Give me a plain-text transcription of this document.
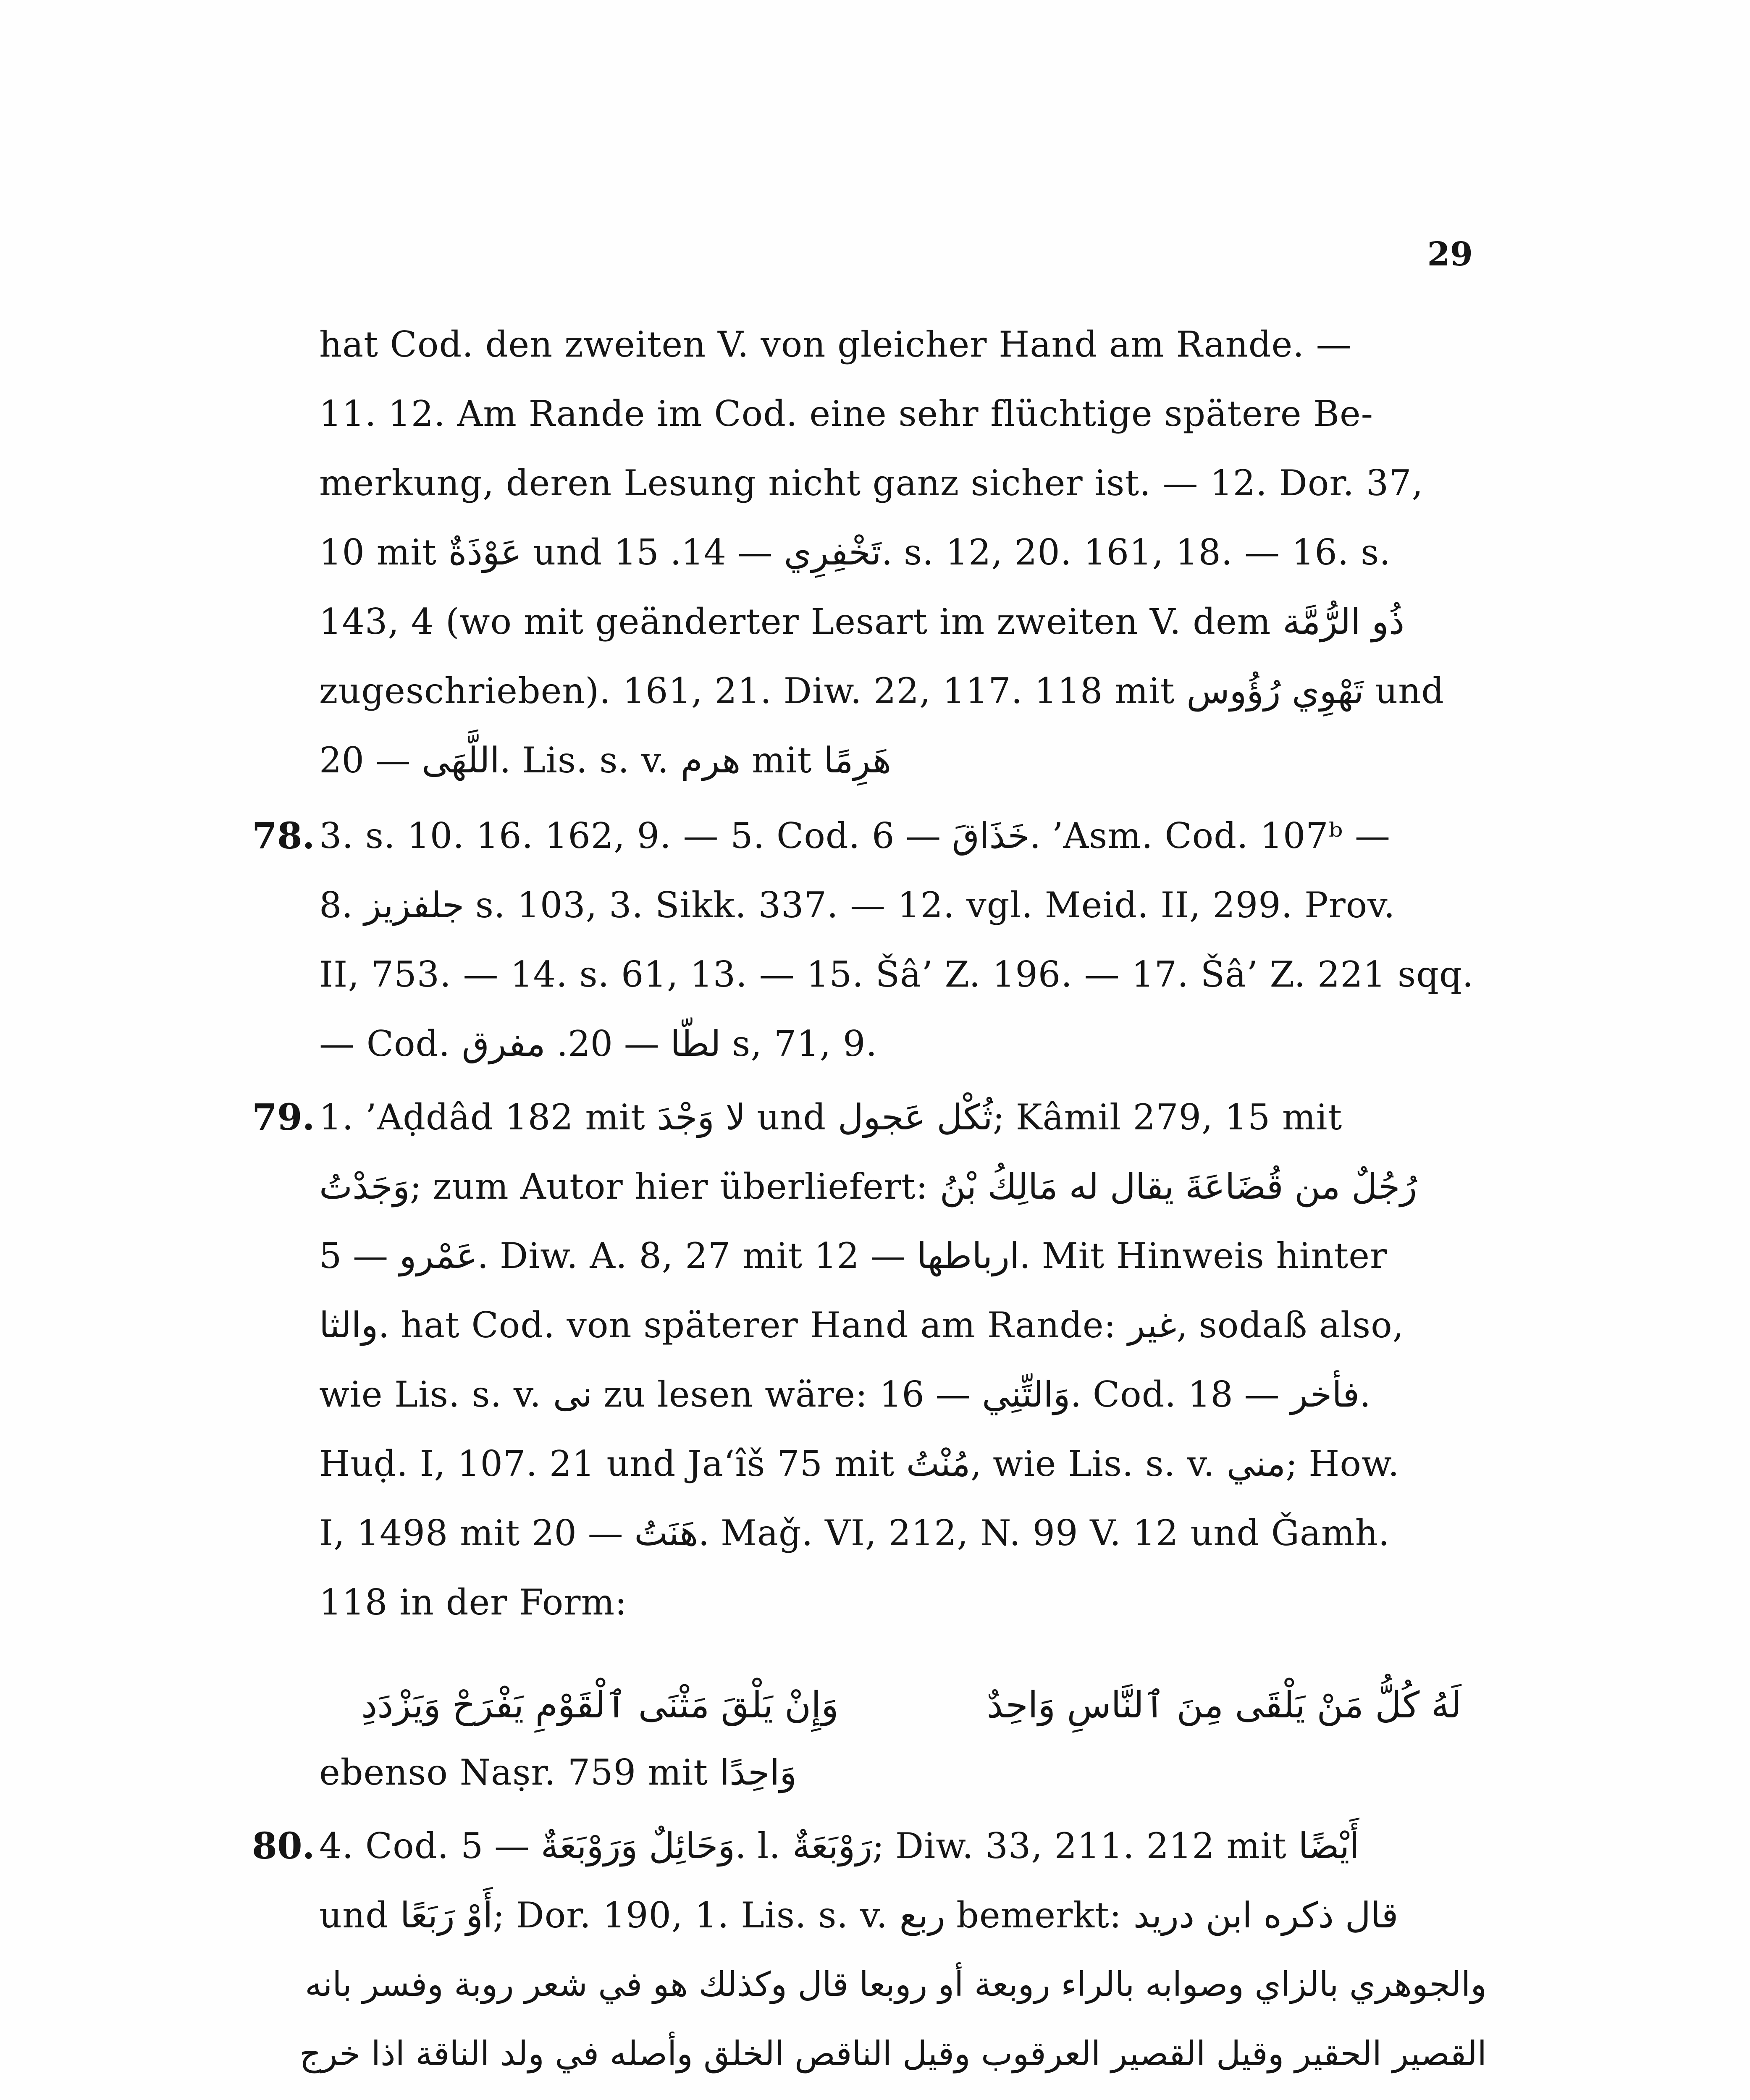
29
hat Cod. den zweiten V. von gleicher Hand am Rande. —
11. 12. Am Rande im Cod. eine sehr flüchtige spätere Be-
merkung, deren Lesung nicht ganz sicher ist. — 12. Dor. 37,
10 mit عَوْذَةٌ und تَخْفِرِي — 14. 15. s. 12, 20. 161, 18. — 16. s.
143, 4 (wo mit geänderter Lesart im zweiten V. dem ذُو الرُّمَّة
zugeschrieben). 161, 21. Diw. 22, 117. 118 mit تَهْوِي رُؤُوس und
اللَّهَى — 20. Lis. s. v. هرم mit هَرِمًا
78. 3. s. 10. 16. 162, 9. — 5. Cod. خَذَاقَ — 6. ’Asm. Cod. 107ᵇ —
8. جلفزيز s. 103, 3. Sikk. 337. — 12. vgl. Meid. II, 299. Prov.
II, 753. — 14. s. 61, 13. — 15. Šâ’ Z. 196. — 17. Šâ’ Z. 221 sqq.
— Cod. لطّا — 20. مفرق s, 71, 9.
79. 1. ’Aḍdâd 182 mit لا وَجْدَ und ثُكْل عَجول; Kâmil 279, 15 mit
وَجَدْتُ; zum Autor hier überliefert: رُجُلٌ من قُضَاعَةَ يقال له مَالِكُ بْنُ
عَمْرو — 5. Diw. A. 8, 27 mit ارباطها — 12. Mit Hinweis hinter
والثا. hat Cod. von späterer Hand am Rande: غير, sodaß also,
wie Lis. s. v. نى zu lesen wäre: وَالتِّنِي — 16. Cod. فأخر — 18.
Huḍ. I, 107. 21 und Ja‘îš 75 mit مُنْتُ, wie Lis. s. v. مني; How.
I, 1498 mit هَنَتُ — 20. Maǧ. VI, 212, N. 99 V. 12 und Ǧamh.
118 in der Form:
لَهُ كُلُّ مَنْ يَلْقَى مِنَ ٱلنَّاسِ وَاحِدٌ
وَإِنْ يَلْقَ مَثْنَى ٱلْقَوْمِ يَفْرَحْ وَيَزْدَدِ
ebenso Naṣr. 759 mit وَاحِدًا
80. 4. Cod. وَحَائِلٌ وَرَوْبَعَةٌ — 5. l. رَوْبَعَةٌ; Diw. 33, 211. 212 mit أَيْضًا
und أَوْ رَبَعًا; Dor. 190, 1. Lis. s. v. ربع bemerkt: قال ذكره ابن دريد
والجوهري بالزاي وصوابه بالراء روبعة أو روبعا قال وكذلك هو في شعر روبة وفسر بانه
القصير الحقير وقيل القصير العرقوب وقيل الناقص الخلق وأصله في ولد الناقة اذا خرج
